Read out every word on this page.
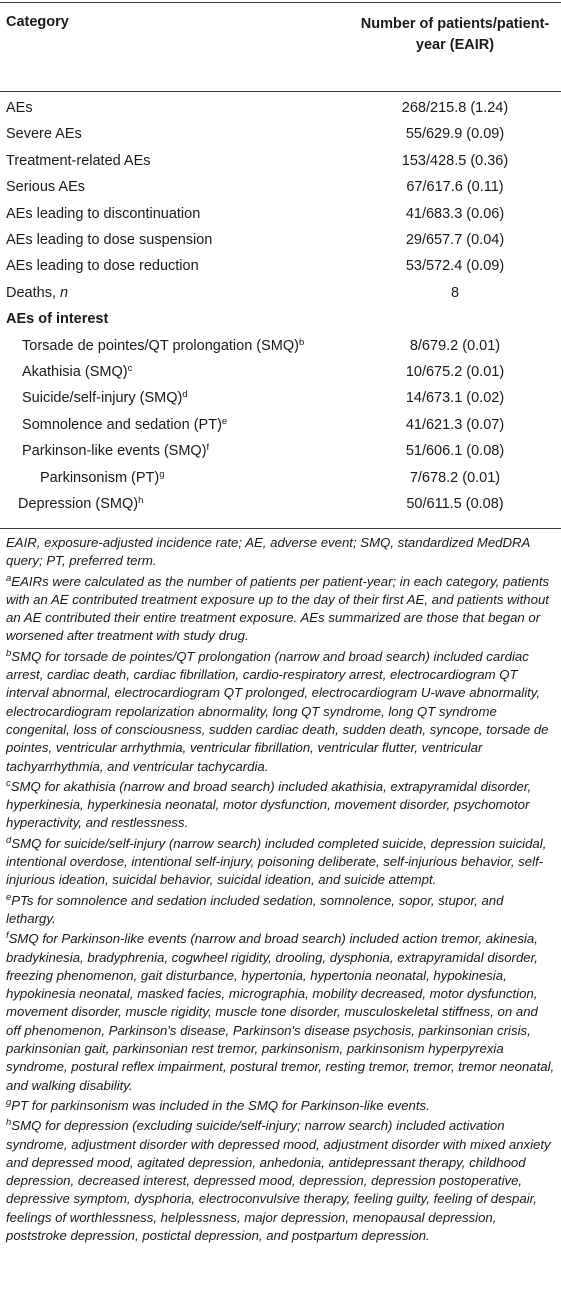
Category	Number of patients/patient-year (EAIR)
AEs	268/215.8 (1.24)
Severe AEs	55/629.9 (0.09)
Treatment-related AEs	153/428.5 (0.36)
Serious AEs	67/617.6 (0.11)
AEs leading to discontinuation	41/683.3 (0.06)
AEs leading to dose suspension	29/657.7 (0.04)
AEs leading to dose reduction	53/572.4 (0.09)
Deaths, n	8
AEs of interest
Torsade de pointes/QT prolongation (SMQ)$^b$	8/679.2 (0.01)
Akathisia (SMQ)$^c$	10/675.2 (0.01)
Suicide/self-injury (SMQ)$^d$	14/673.1 (0.02)
Somnolence and sedation (PT)$^e$	41/621.3 (0.07)
Parkinson-like events (SMQ)$^f$	51/606.1 (0.08)
Parkinsonism (PT)$^g$	7/678.2 (0.01)
Depression (SMQ)$^h$	50/611.5 (0.08)
EAIR, exposure-adjusted incidence rate; AE, adverse event; SMQ, standardized MedDRA query; PT, preferred term.
$^a$EAIRs were calculated as the number of patients per patient-year; in each category, patients with an AE contributed treatment exposure up to the day of their first AE, and patients without an AE contributed their entire treatment exposure. AEs summarized are those that began or worsened after treatment with study drug.
$^b$SMQ for torsade de pointes/QT prolongation (narrow and broad search) included cardiac arrest, cardiac death, cardiac fibrillation, cardio-respiratory arrest, electrocardiogram QT interval abnormal, electrocardiogram QT prolonged, electrocardiogram U-wave abnormality, electrocardiogram repolarization abnormality, long QT syndrome, long QT syndrome congenital, loss of consciousness, sudden cardiac death, sudden death, syncope, torsade de pointes, ventricular arrhythmia, ventricular fibrillation, ventricular flutter, ventricular tachyarrhythmia, and ventricular tachycardia.
$^c$SMQ for akathisia (narrow and broad search) included akathisia, extrapyramidal disorder, hyperkinesia, hyperkinesia neonatal, motor dysfunction, movement disorder, psychomotor hyperactivity, and restlessness.
$^d$SMQ for suicide/self-injury (narrow search) included completed suicide, depression suicidal, intentional overdose, intentional self-injury, poisoning deliberate, self-injurious behavior, self-injurious ideation, suicidal behavior, suicidal ideation, and suicide attempt.
$^e$PTs for somnolence and sedation included sedation, somnolence, sopor, stupor, and lethargy.
$^f$SMQ for Parkinson-like events (narrow and broad search) included action tremor, akinesia, bradykinesia, bradyphrenia, cogwheel rigidity, drooling, dysphonia, extrapyramidal disorder, freezing phenomenon, gait disturbance, hypertonia, hypertonia neonatal, hypokinesia, hypokinesia neonatal, masked facies, micrographia, mobility decreased, motor dysfunction, movement disorder, muscle rigidity, muscle tone disorder, musculoskeletal stiffness, on and off phenomenon, Parkinson's disease, Parkinson's disease psychosis, parkinsonian crisis, parkinsonian gait, parkinsonian rest tremor, parkinsonism, parkinsonism hyperpyrexia syndrome, postural reflex impairment, postural tremor, resting tremor, tremor, tremor neonatal, and walking disability.
$^g$PT for parkinsonism was included in the SMQ for Parkinson-like events.
$^h$SMQ for depression (excluding suicide/self-injury; narrow search) included activation syndrome, adjustment disorder with depressed mood, adjustment disorder with mixed anxiety and depressed mood, agitated depression, anhedonia, antidepressant therapy, childhood depression, decreased interest, depressed mood, depression, depression postoperative, depressive symptom, dysphoria, electroconvulsive therapy, feeling guilty, feeling of despair, feelings of worthlessness, helplessness, major depression, menopausal depression, poststroke depression, postictal depression, and postpartum depression.
